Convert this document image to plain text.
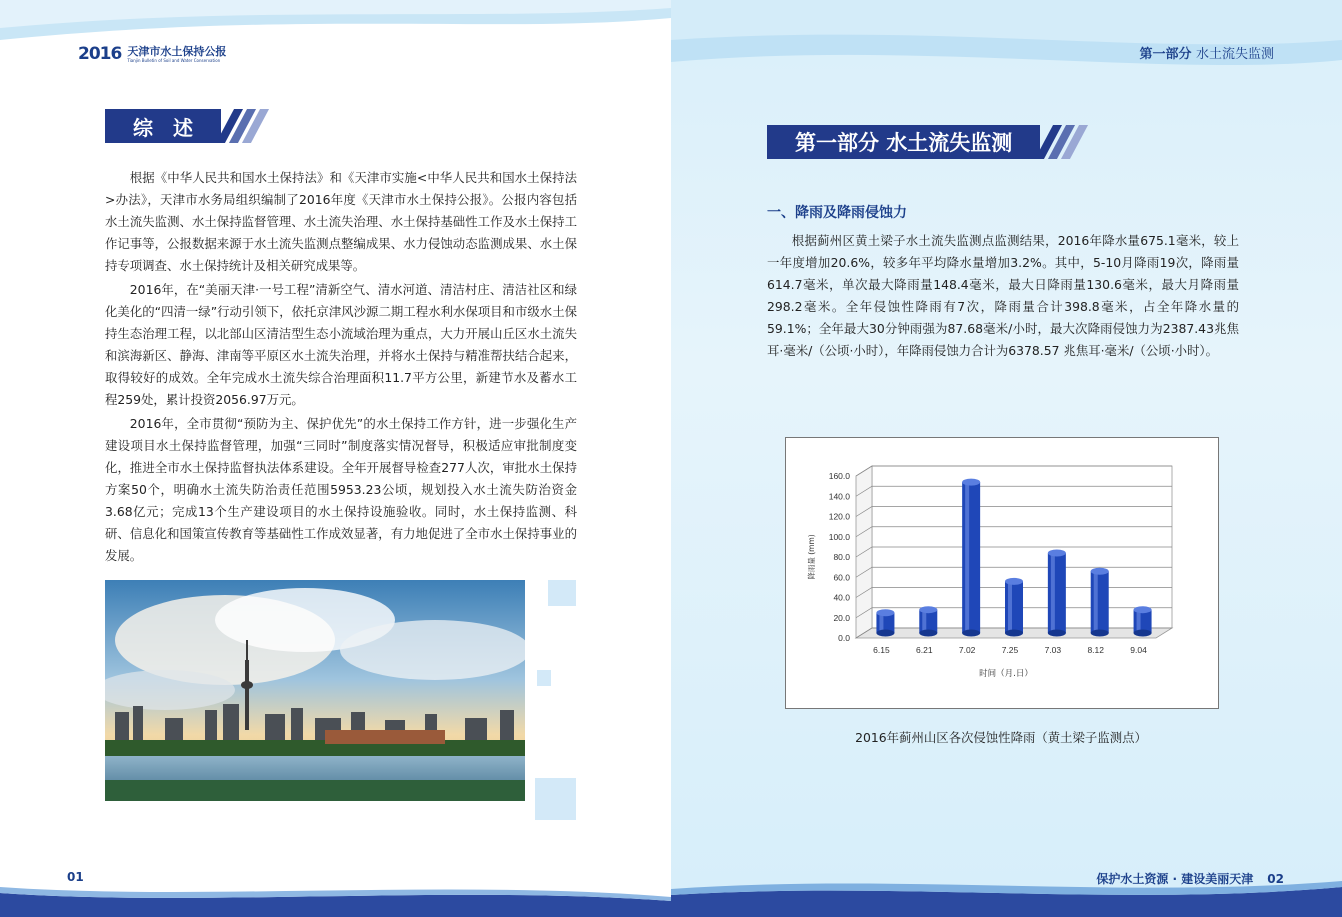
2016 天津市水土保持公报
Tianjin Bulletin of Soil and Water Conservation
综　述

根据《中华人民共和国水土保持法》和《天津市实施<中华人民共和国水土保持法>办法》，天津市水务局组织编制了2016年度《天津市水土保持公报》。公报内容包括水土流失监测、水土保持监督管理、水土流失治理、水土保持基础性工作及水土保持工作记事等，公报数据来源于水土流失监测点整编成果、水力侵蚀动态监测成果、水土保持专项调查、水土保持统计及相关研究成果等。

2016年，在“美丽天津·一号工程”清新空气、清水河道、清洁村庄、清洁社区和绿化美化的“四清一绿”行动引领下，依托京津风沙源二期工程水利水保项目和市级水土保持生态治理工程，以北部山区清洁型生态小流域治理为重点，大力开展山丘区水土流失和滨海新区、静海、津南等平原区水土流失治理，并将水土保持与精准帮扶结合起来，取得较好的成效。全年完成水土流失综合治理面积11.7平方公里，新建节水及蓄水工程259处，累计投资2056.97万元。

2016年，全市贯彻“预防为主、保护优先”的水土保持工作方针，进一步强化生产建设项目水土保持监督管理，加强“三同时”制度落实情况督导，积极适应审批制度变化，推进全市水土保持监督执法体系建设。全年开展督导检查277人次，审批水土保持方案50个，明确水土流失防治责任范围5953.23公顷，规划投入水土流失防治资金3.68亿元；完成13个生产建设项目的水土保持设施验收。同时，水土保持监测、科研、信息化和国策宣传教育等基础性工作成效显著，有力地促进了全市水土保持事业的发展。

01
第一部分 水土流失监测
第一部分 水土流失监测
一、降雨及降雨侵蚀力

根据蓟州区黄土梁子水土流失监测点监测结果，2016年降水量675.1毫米，较上一年度增加20.6%，较多年平均降水量增加3.2%。其中，5-10月降雨19次，降雨量614.7毫米，单次最大降雨量148.4毫米，最大日降雨量130.6毫米，最大月降雨量298.2毫米。全年侵蚀性降雨有7次，降雨量合计398.8毫米，占全年降水量的59.1%；全年最大30分钟雨强为87.68毫米/小时，最大次降雨侵蚀力为2387.43兆焦耳·毫米/（公顷·小时），年降雨侵蚀力合计为6378.57 兆焦耳·毫米/（公顷·小时）。

0.0
20.0
40.0
60.0
80.0
100.0
120.0
140.0
160.0
6.15	6.21	7.02	7.25	7.03	8.12	9.04
时间（月.日）
降雨量 (mm)
2016年蓟州山区各次侵蚀性降雨（黄土梁子监测点）
保护水土资源 · 建设美丽天津 02
